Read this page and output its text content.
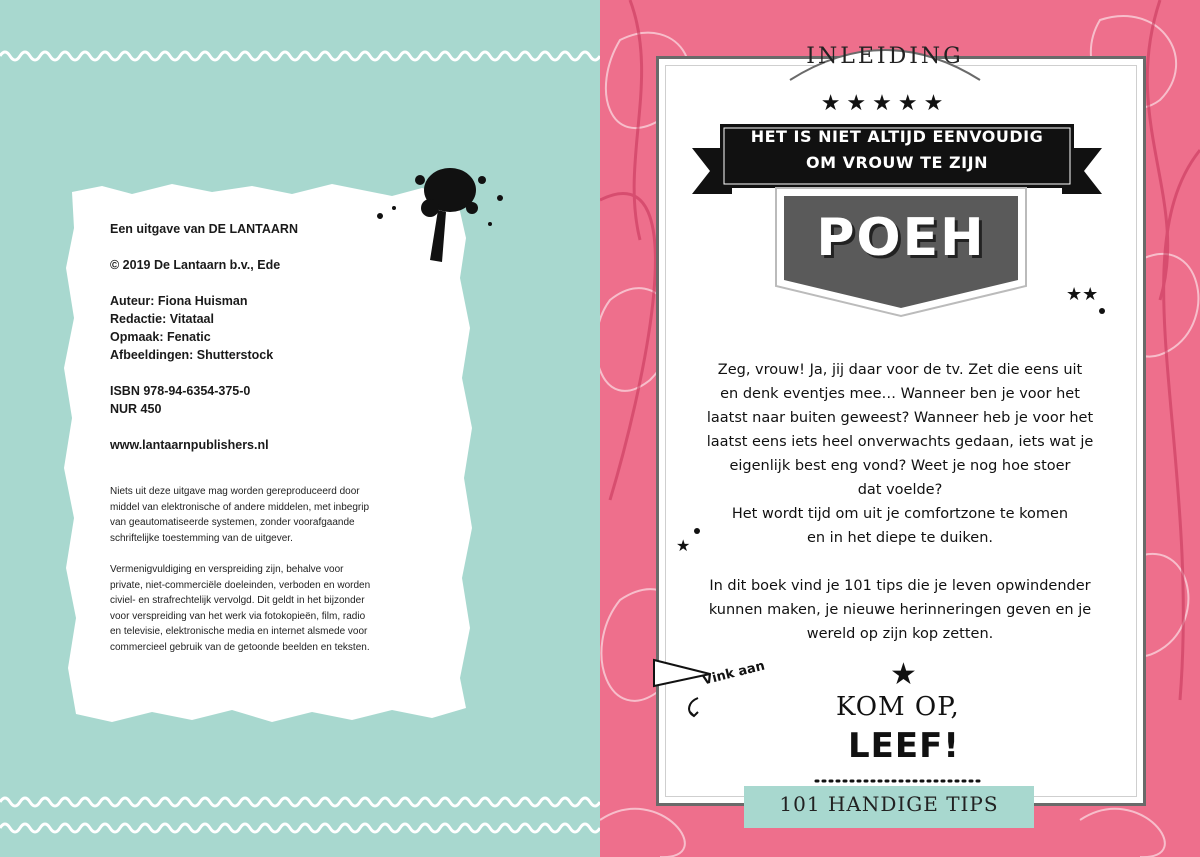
Een uitgave van DE LANTAARN
© 2019 De Lantaarn b.v., Ede
Auteur: Fiona Huisman
Redactie: Vitataal
Opmaak: Fenatic
Afbeeldingen: Shutterstock
ISBN 978-94-6354-375-0
NUR 450
www.lantaarnpublishers.nl
Niets uit deze uitgave mag worden gereproduceerd door
middel van elektronische of andere middelen, met inbegrip
van geautomatiseerde systemen, zonder voorafgaande
schriftelijke toestemming van de uitgever.
Vermenigvuldiging en verspreiding zijn, behalve voor
private, niet-commerciële doeleinden, verboden en worden
civiel- en strafrechtelijk vervolgd. Dit geldt in het bijzonder
voor verspreiding van het werk via fotokopieën, film, radio
en televisie, elektronische media en internet alsmede voor
commercieel gebruik van de getoonde beelden en teksten.
INLEIDING
★★★★★
HET IS NIET ALTIJD EENVOUDIG
OM VROUW TE ZIJN
POEH
★★
★
Zeg, vrouw! Ja, jij daar voor de tv. Zet die eens uit
en denk eventjes mee… Wanneer ben je voor het
laatst naar buiten geweest? Wanneer heb je voor het
laatst eens iets heel onverwachts gedaan, iets wat je
eigenlijk best eng vond? Weet je nog hoe stoer
dat voelde?
Het wordt tijd om uit je comfortzone te komen
en in het diepe te duiken.
In dit boek vind je 101 tips die je leven opwindender
kunnen maken, je nieuwe herinneringen geven en je
wereld op zijn kop zetten.
★
Vink aan
KOM OP,
LEEF!
101 HANDIGE TIPS
